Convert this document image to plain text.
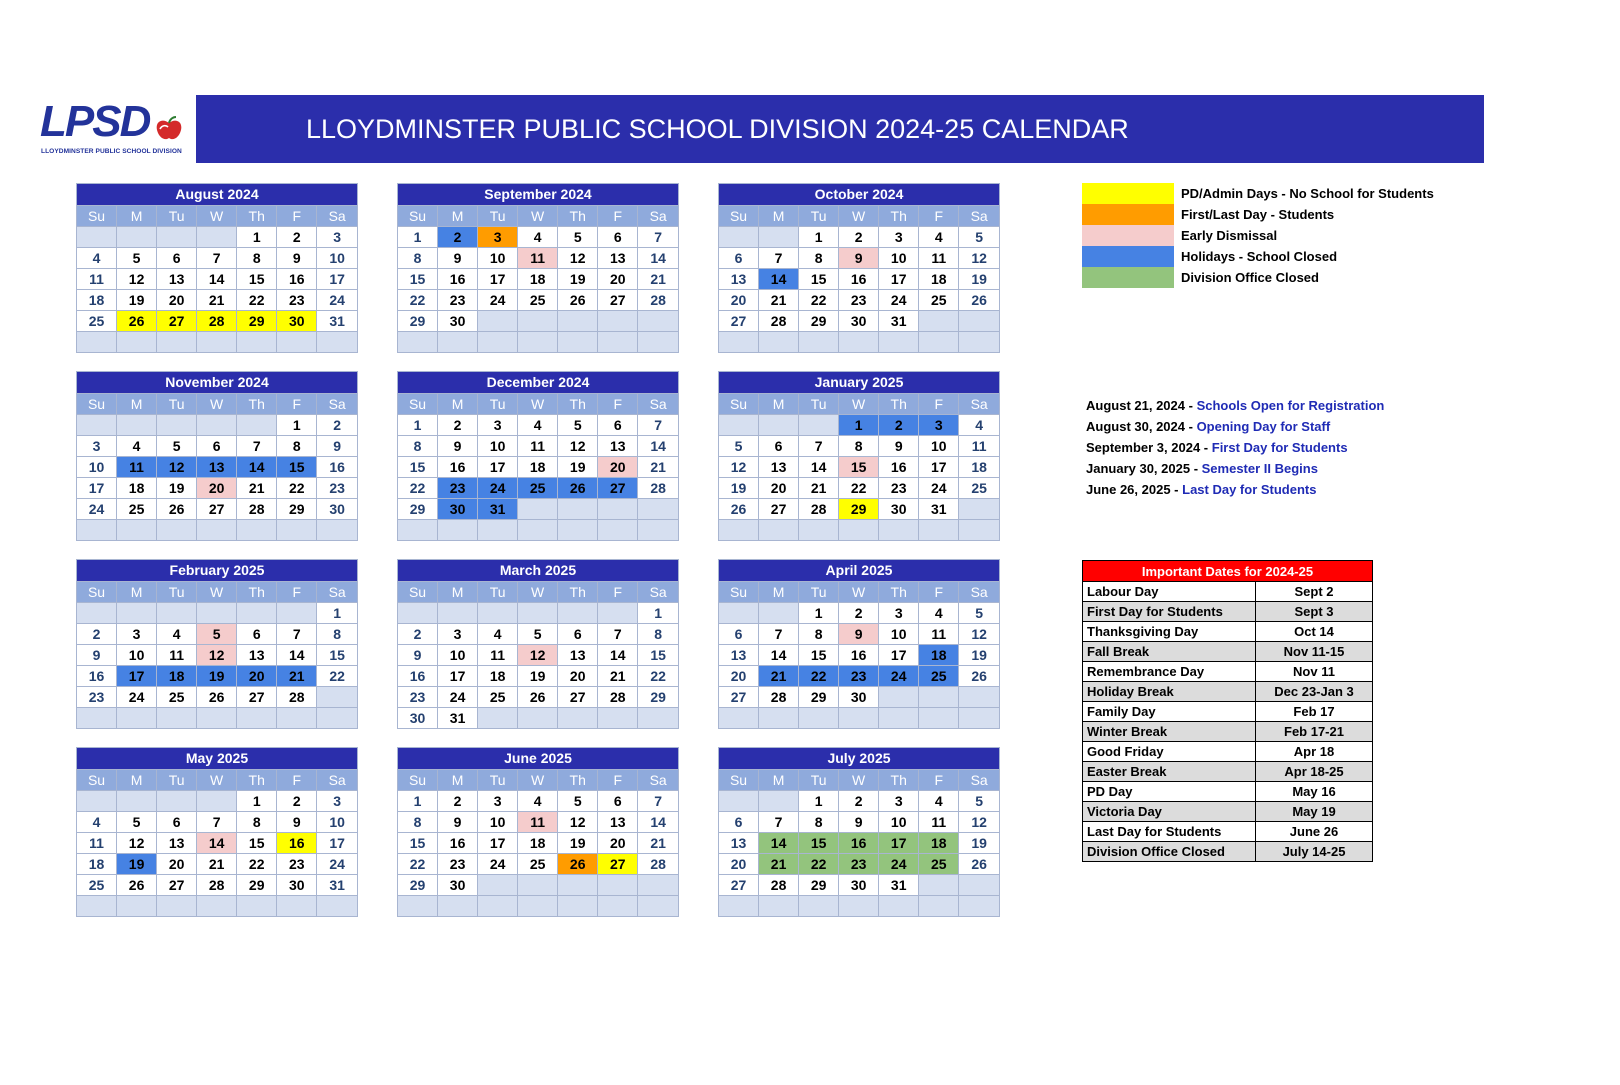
LPSD
LLOYDMINSTER PUBLIC SCHOOL DIVISION
LLOYDMINSTER PUBLIC SCHOOL DIVISION 2024-25 CALENDAR
August 2024						
Su	M	Tu	W	Th	F	Sa
				1	2	3
4	5	6	7	8	9	10
11	12	13	14	15	16	17
18	19	20	21	22	23	24
25	26	27	28	29	30	31

September 2024						
Su	M	Tu	W	Th	F	Sa
1	2	3	4	5	6	7
8	9	10	11	12	13	14
15	16	17	18	19	20	21
22	23	24	25	26	27	28
29	30					

October 2024						
Su	M	Tu	W	Th	F	Sa
		1	2	3	4	5
6	7	8	9	10	11	12
13	14	15	16	17	18	19
20	21	22	23	24	25	26
27	28	29	30	31		

November 2024						
Su	M	Tu	W	Th	F	Sa
					1	2
3	4	5	6	7	8	9
10	11	12	13	14	15	16
17	18	19	20	21	22	23
24	25	26	27	28	29	30

December 2024						
Su	M	Tu	W	Th	F	Sa
1	2	3	4	5	6	7
8	9	10	11	12	13	14
15	16	17	18	19	20	21
22	23	24	25	26	27	28
29	30	31				

January 2025						
Su	M	Tu	W	Th	F	Sa
			1	2	3	4
5	6	7	8	9	10	11
12	13	14	15	16	17	18
19	20	21	22	23	24	25
26	27	28	29	30	31	

February 2025						
Su	M	Tu	W	Th	F	Sa
						1
2	3	4	5	6	7	8
9	10	11	12	13	14	15
16	17	18	19	20	21	22
23	24	25	26	27	28	

March 2025						
Su	M	Tu	W	Th	F	Sa
						1
2	3	4	5	6	7	8
9	10	11	12	13	14	15
16	17	18	19	20	21	22
23	24	25	26	27	28	29
30	31					
April 2025						
Su	M	Tu	W	Th	F	Sa
		1	2	3	4	5
6	7	8	9	10	11	12
13	14	15	16	17	18	19
20	21	22	23	24	25	26
27	28	29	30			

May 2025						
Su	M	Tu	W	Th	F	Sa
				1	2	3
4	5	6	7	8	9	10
11	12	13	14	15	16	17
18	19	20	21	22	23	24
25	26	27	28	29	30	31

June 2025						
Su	M	Tu	W	Th	F	Sa
1	2	3	4	5	6	7
8	9	10	11	12	13	14
15	16	17	18	19	20	21
22	23	24	25	26	27	28
29	30					

July 2025						
Su	M	Tu	W	Th	F	Sa
		1	2	3	4	5
6	7	8	9	10	11	12
13	14	15	16	17	18	19
20	21	22	23	24	25	26
27	28	29	30	31		

PD/Admin Days - No School for Students
First/Last Day - Students
Early Dismissal
Holidays - School Closed
Division Office Closed
August 21, 2024 - Schools Open for Registration
August 30, 2024 - Opening Day for Staff
September 3, 2024 - First Day for Students
January 30, 2025 - Semester II Begins
June 26, 2025 - Last Day for Students
Important Dates for 2024-25	
Labour Day	Sept 2
First Day for Students	Sept 3
Thanksgiving Day	Oct 14
Fall Break	Nov 11-15
Remembrance Day	Nov 11
Holiday Break	Dec 23-Jan 3
Family Day	Feb 17
Winter Break	Feb 17-21
Good Friday	Apr 18
Easter Break	Apr 18-25
PD Day	May 16
Victoria Day	May 19
Last Day for Students	June 26
Division Office Closed	July 14-25
